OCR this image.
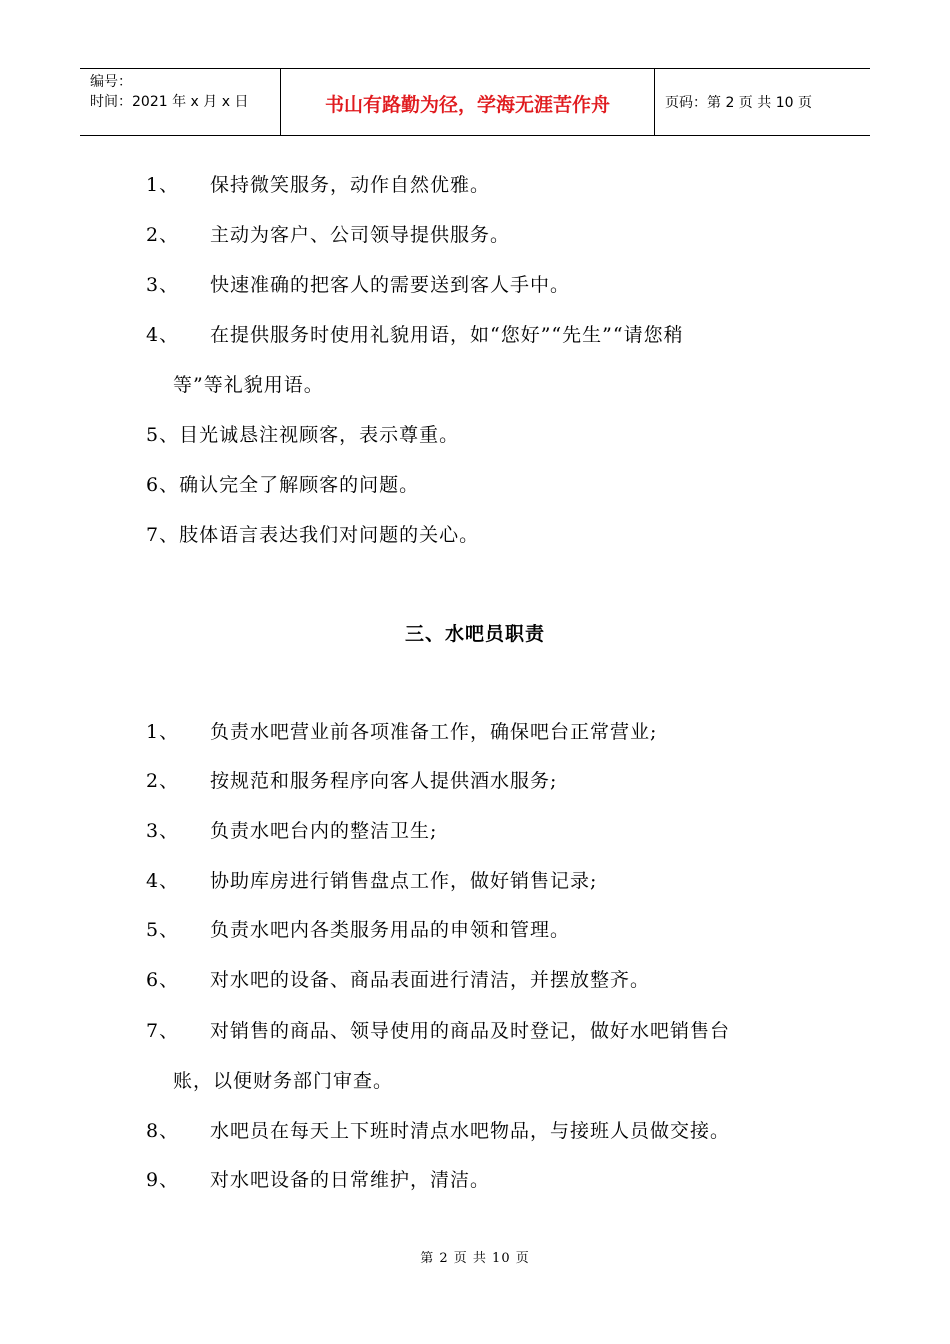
编号：
时间：2021 年 x 月 x 日	书山有路勤为径，学海无涯苦作舟	页码：第 2 页 共 10 页
1、 保持微笑服务，动作自然优雅。
2、 主动为客户、公司领导提供服务。
3、 快速准确的把客人的需要送到客人手中。
4、 在提供服务时使用礼貌用语，如“您好”“先生”“请您稍
等”等礼貌用语。
5、目光诚恳注视顾客，表示尊重。
6、确认完全了解顾客的问题。
7、肢体语言表达我们对问题的关心。
三、水吧员职责
1、 负责水吧营业前各项准备工作，确保吧台正常营业;
2、 按规范和服务程序向客人提供酒水服务;
3、 负责水吧台内的整洁卫生;
4、 协助库房进行销售盘点工作，做好销售记录;
5、 负责水吧内各类服务用品的申领和管理。
6、 对水吧的设备、商品表面进行清洁，并摆放整齐。
7、 对销售的商品、领导使用的商品及时登记，做好水吧销售台
账，以便财务部门审查。
8、 水吧员在每天上下班时清点水吧物品，与接班人员做交接。
9、 对水吧设备的日常维护，清洁。
第 2 页 共 10 页
